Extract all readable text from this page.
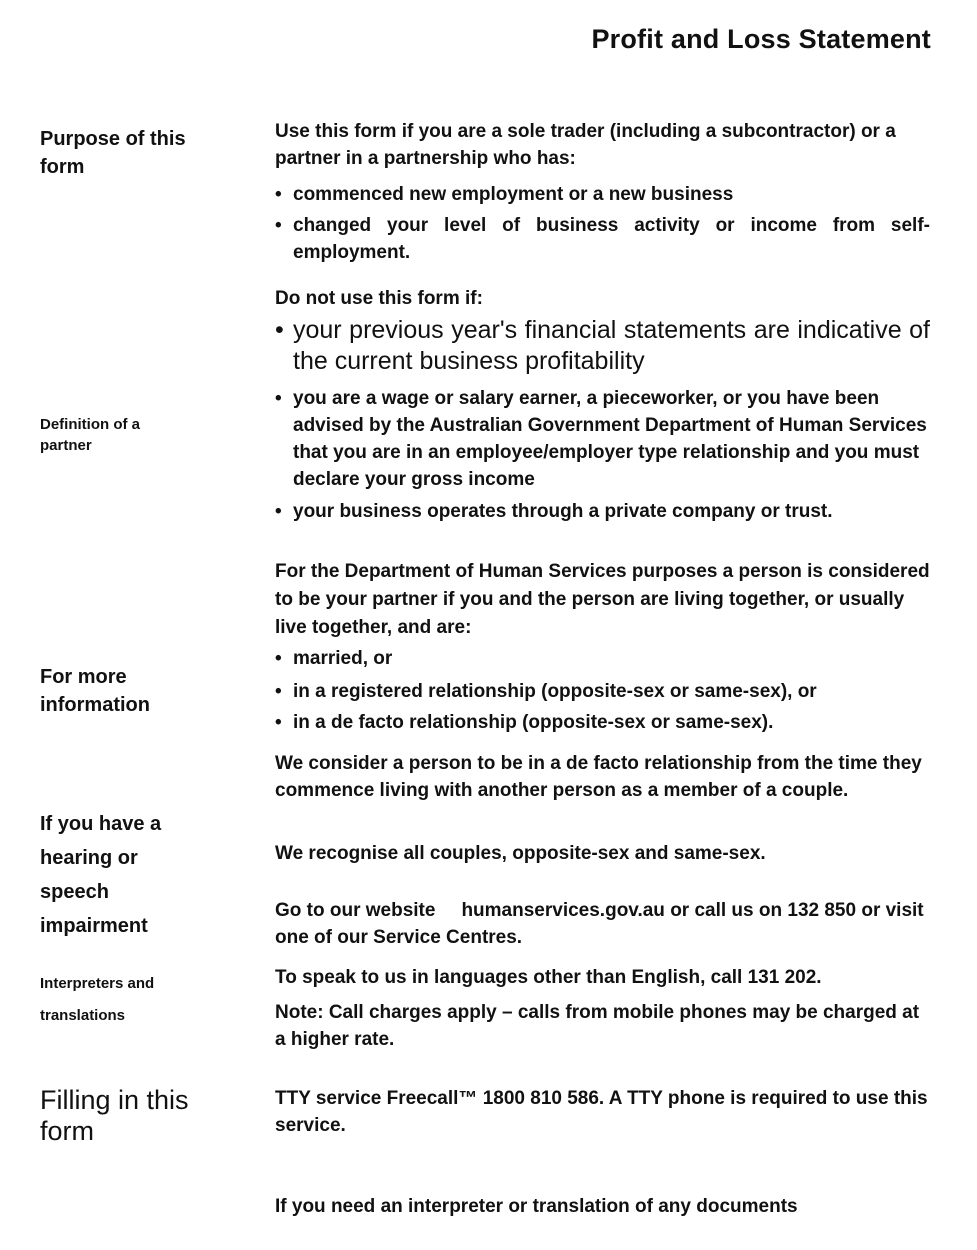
Profit and Loss Statement
Purpose of this form
Definition of a partner
For more information
If you have a hearing or speech impairment
Interpreters and translations
Filling in this form
Use this form if you are a sole trader (including a subcontractor) or a partner in a partnership who has:
• commenced new employment or a new business
• changed your level of business activity or income from self-employment.
Do not use this form if:
• your previous year's financial statements are indicative of the current business profitability
• you are a wage or salary earner, a pieceworker, or you have been advised by the Australian Government Department of Human Services that you are in an employee/employer type relationship and you must declare your gross income
• your business operates through a private company or trust.
For the Department of Human Services purposes a person is considered to be your partner if you and the person are living together, or usually live together, and are:
• married, or
• in a registered relationship (opposite-sex or same-sex), or
• in a de facto relationship (opposite-sex or same-sex).
We consider a person to be in a de facto relationship from the time they commence living with another person as a member of a couple.
We recognise all couples, opposite-sex and same-sex.
Go to our website humanservices.gov.au or call us on 132 850 or visit one of our Service Centres.
To speak to us in languages other than English, call 131 202.
Note: Call charges apply – calls from mobile phones may be charged at a higher rate.
TTY service Freecall™ 1800 810 586. A TTY phone is required to use this service.
If you need an interpreter or translation of any documents
